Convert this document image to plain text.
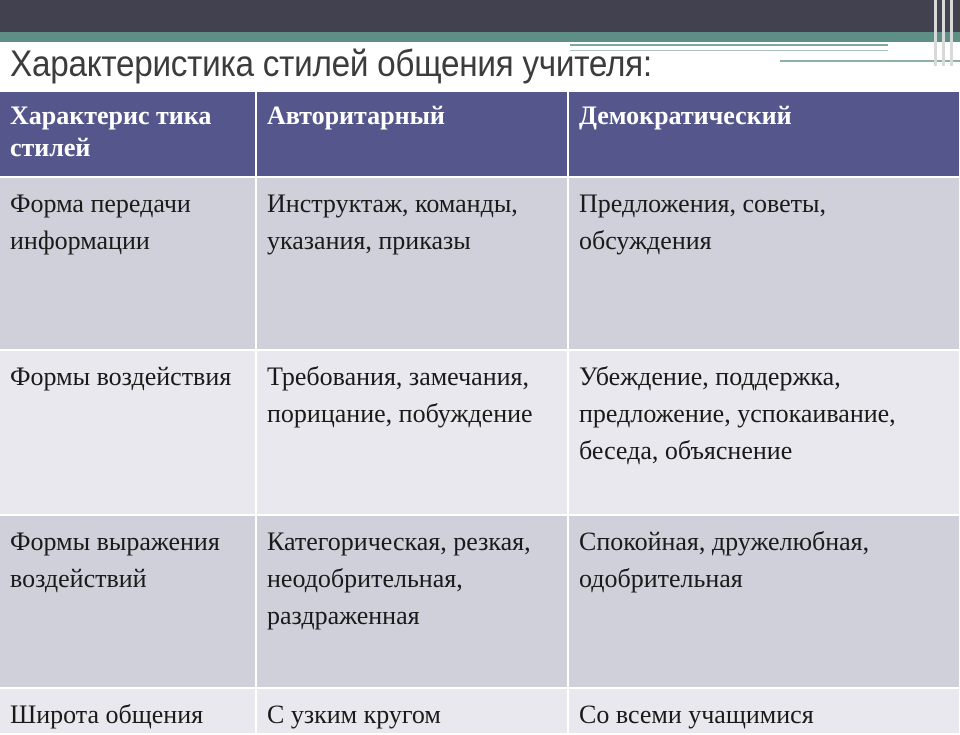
Характеристика стилей общения учителя:
Характерис тика стилей	Авторитарный	Демократический
Форма передачи информации	Инструктаж, команды, указания, приказы	Предложения, советы, обсуждения
Формы воздействия	Требования, замечания, порицание, побуждение	Убеждение, поддержка, предложение, успокаивание, беседа, объяснение
Формы выражения воздействий	Категорическая, резкая, неодобрительная, раздраженная	Спокойная, дружелюбная, одобрительная
Широта общения	С узким кругом	Со всеми учащимися
